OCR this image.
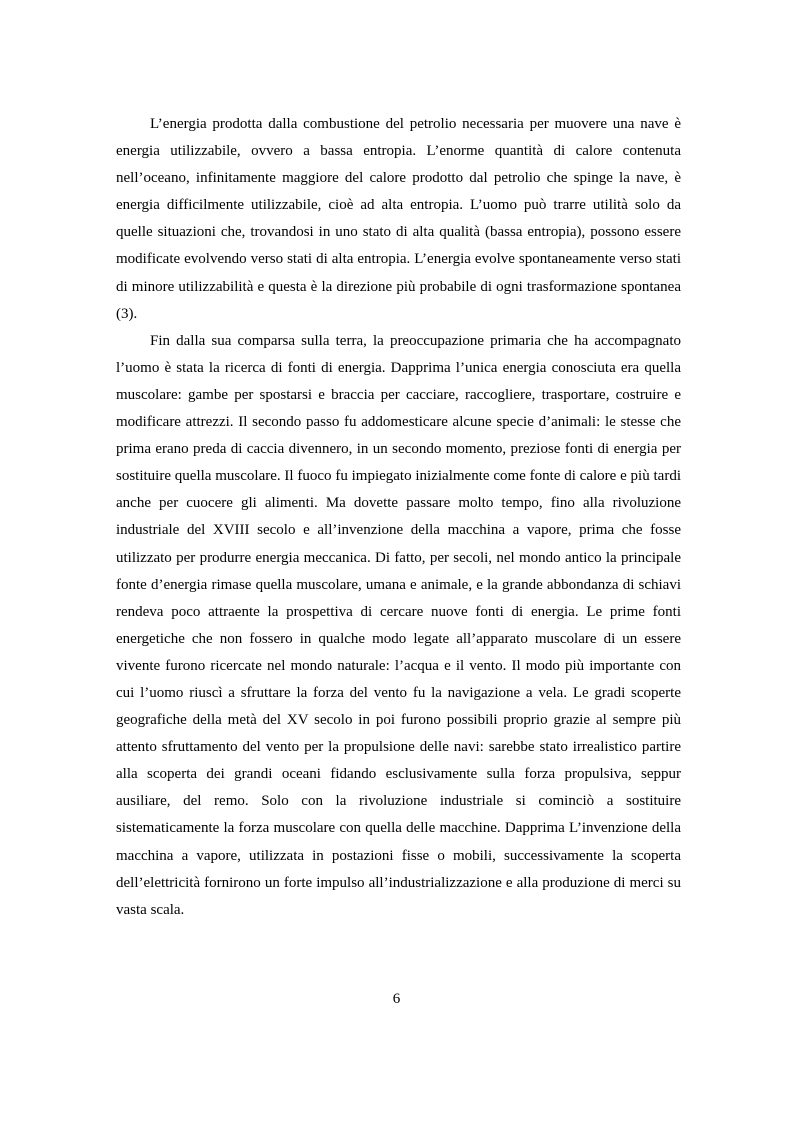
L’energia prodotta dalla combustione del petrolio necessaria per muovere una nave è energia utilizzabile, ovvero a bassa entropia. L’enorme quantità di calore contenuta nell’oceano, infinitamente maggiore del calore prodotto dal petrolio che spinge la nave, è energia difficilmente utilizzabile, cioè ad alta entropia. L’uomo può trarre utilità solo da quelle situazioni che, trovandosi in uno stato di alta qualità (bassa entropia), possono essere modificate evolvendo verso stati di alta entropia. L’energia evolve spontaneamente verso stati di minore utilizzabilità e questa è la direzione più probabile di ogni trasformazione spontanea (3).

Fin dalla sua comparsa sulla terra, la preoccupazione primaria che ha accompagnato l’uomo è stata la ricerca di fonti di energia. Dapprima l’unica energia conosciuta era quella muscolare: gambe per spostarsi e braccia per cacciare, raccogliere, trasportare, costruire e modificare attrezzi. Il secondo passo fu addomesticare alcune specie d’animali: le stesse che prima erano preda di caccia divennero, in un secondo momento, preziose fonti di energia per sostituire quella muscolare. Il fuoco fu impiegato inizialmente come fonte di calore e più tardi anche per cuocere gli alimenti. Ma dovette passare molto tempo, fino alla rivoluzione industriale del XVIII secolo e all’invenzione della macchina a vapore, prima che fosse utilizzato per produrre energia meccanica. Di fatto, per secoli, nel mondo antico la principale fonte d’energia rimase quella muscolare, umana e animale, e la grande abbondanza di schiavi rendeva poco attraente la prospettiva di cercare nuove fonti di energia. Le prime fonti energetiche che non fossero in qualche modo legate all’apparato muscolare di un essere vivente furono ricercate nel mondo naturale: l’acqua e il vento. Il modo più importante con cui l’uomo riuscì a sfruttare la forza del vento fu la navigazione a vela. Le gradi scoperte geografiche della metà del XV secolo in poi furono possibili proprio grazie al sempre più attento sfruttamento del vento per la propulsione delle navi: sarebbe stato irrealistico partire alla scoperta dei grandi oceani fidando esclusivamente sulla forza propulsiva, seppur ausiliare, del remo. Solo con la rivoluzione industriale si cominciò a sostituire sistematicamente la forza muscolare con quella delle macchine. Dapprima L’invenzione della macchina a vapore, utilizzata in postazioni fisse o mobili, successivamente la scoperta dell’elettricità fornirono un forte impulso all’industrializzazione e alla produzione di merci su vasta scala.

6
